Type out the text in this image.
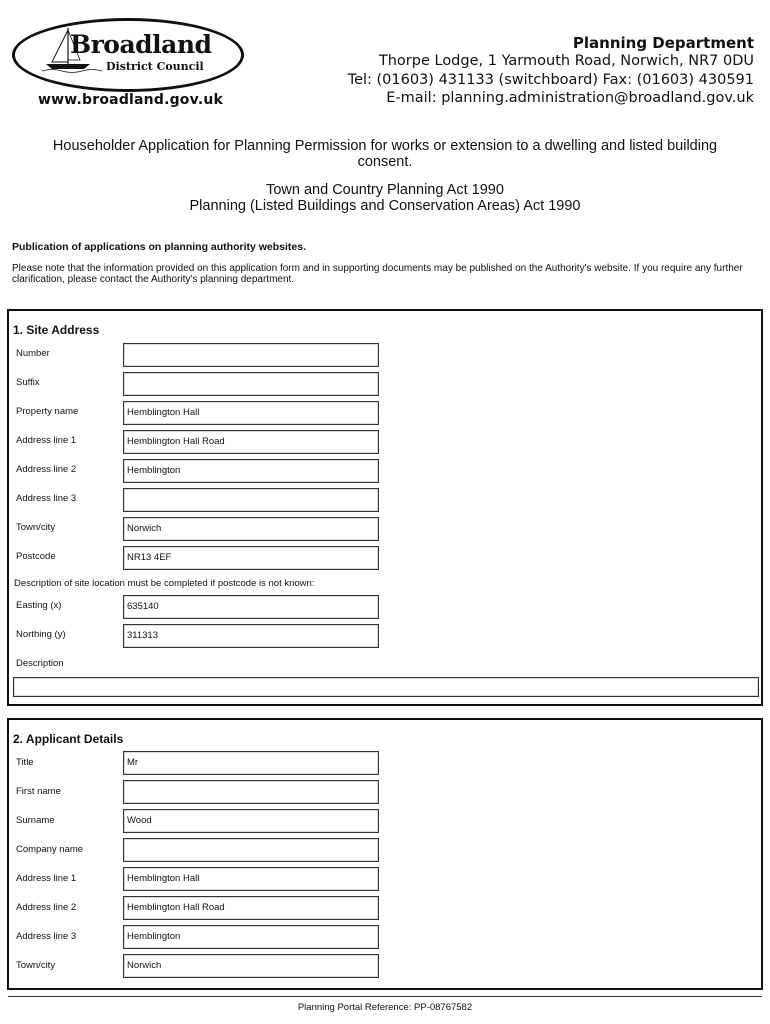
Broadland
District Council
www.broadland.gov.uk
Planning Department
Thorpe Lodge, 1 Yarmouth Road, Norwich, NR7 0DU
Tel: (01603) 431133 (switchboard) Fax: (01603) 430591
E-mail: planning.administration@broadland.gov.uk
Householder Application for Planning Permission for works or extension to a dwelling and listed building
consent.
Town and Country Planning Act 1990
Planning (Listed Buildings and Conservation Areas) Act 1990
Publication of applications on planning authority websites.
Please note that the information provided on this application form and in supporting documents may be published on the Authority's website. If you require any further clarification, please contact the Authority's planning department.
1. Site Address
Number
Suffix
Property name	Hemblington Hall
Address line 1	Hemblington Hall Road
Address line 2	Hemblington
Address line 3
Town/city	Norwich
Postcode	NR13 4EF
Description of site location must be completed if postcode is not known:
Easting (x)	635140
Northing (y)	311313
Description
2. Applicant Details
Title	Mr
First name
Surname	Wood
Company name
Address line 1	Hemblington Hall
Address line 2	Hemblington Hall Road
Address line 3	Hemblington
Town/city	Norwich
Planning Portal Reference: PP-08767582
